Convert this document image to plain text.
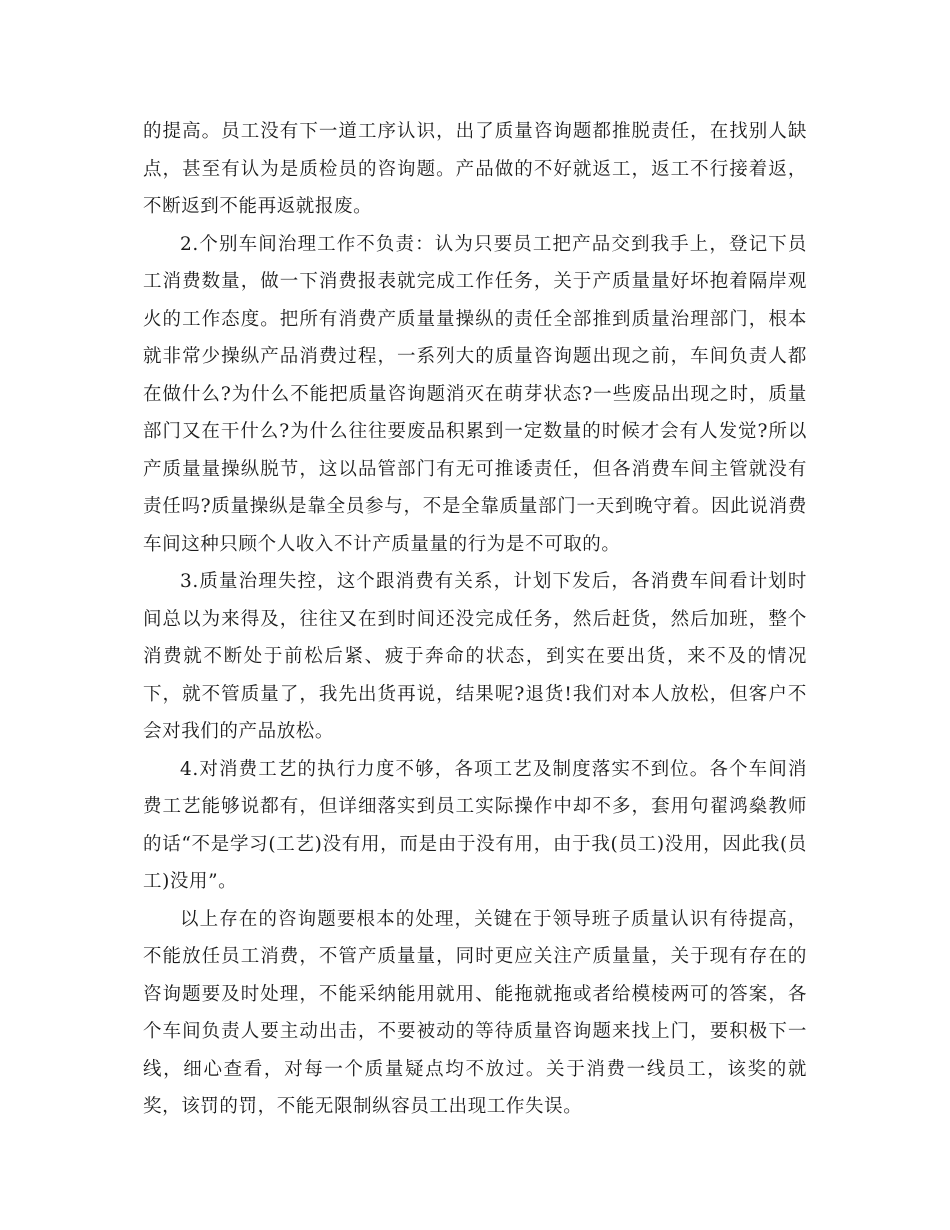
的提高。员工没有下一道工序认识，出了质量咨询题都推脱责任，在找别人缺点，甚至有认为是质检员的咨询题。产品做的不好就返工，返工不行接着返，不断返到不能再返就报废。

2.个别车间治理工作不负责：认为只要员工把产品交到我手上，登记下员工消费数量，做一下消费报表就完成工作任务，关于产质量量好坏抱着隔岸观火的工作态度。把所有消费产质量量操纵的责任全部推到质量治理部门，根本就非常少操纵产品消费过程，一系列大的质量咨询题出现之前，车间负责人都在做什么?为什么不能把质量咨询题消灭在萌芽状态?一些废品出现之时，质量部门又在干什么?为什么往往要废品积累到一定数量的时候才会有人发觉?所以产质量量操纵脱节，这以品管部门有无可推诿责任，但各消费车间主管就没有责任吗?质量操纵是靠全员参与，不是全靠质量部门一天到晚守着。因此说消费车间这种只顾个人收入不计产质量量的行为是不可取的。

3.质量治理失控，这个跟消费有关系，计划下发后，各消费车间看计划时间总以为来得及，往往又在到时间还没完成任务，然后赶货，然后加班，整个消费就不断处于前松后紧、疲于奔命的状态，到实在要出货，来不及的情况下，就不管质量了，我先出货再说，结果呢?退货!我们对本人放松，但客户不会对我们的产品放松。

4.对消费工艺的执行力度不够，各项工艺及制度落实不到位。各个车间消费工艺能够说都有，但详细落实到员工实际操作中却不多，套用句翟鸿燊教师的话“不是学习(工艺)没有用，而是由于没有用，由于我(员工)没用，因此我(员工)没用”。

以上存在的咨询题要根本的处理，关键在于领导班子质量认识有待提高，不能放任员工消费，不管产质量量，同时更应关注产质量量，关于现有存在的咨询题要及时处理，不能采纳能用就用、能拖就拖或者给模棱两可的答案，各个车间负责人要主动出击，不要被动的等待质量咨询题来找上门，要积极下一线，细心查看，对每一个质量疑点均不放过。关于消费一线员工，该奖的就奖，该罚的罚，不能无限制纵容员工出现工作失误。
